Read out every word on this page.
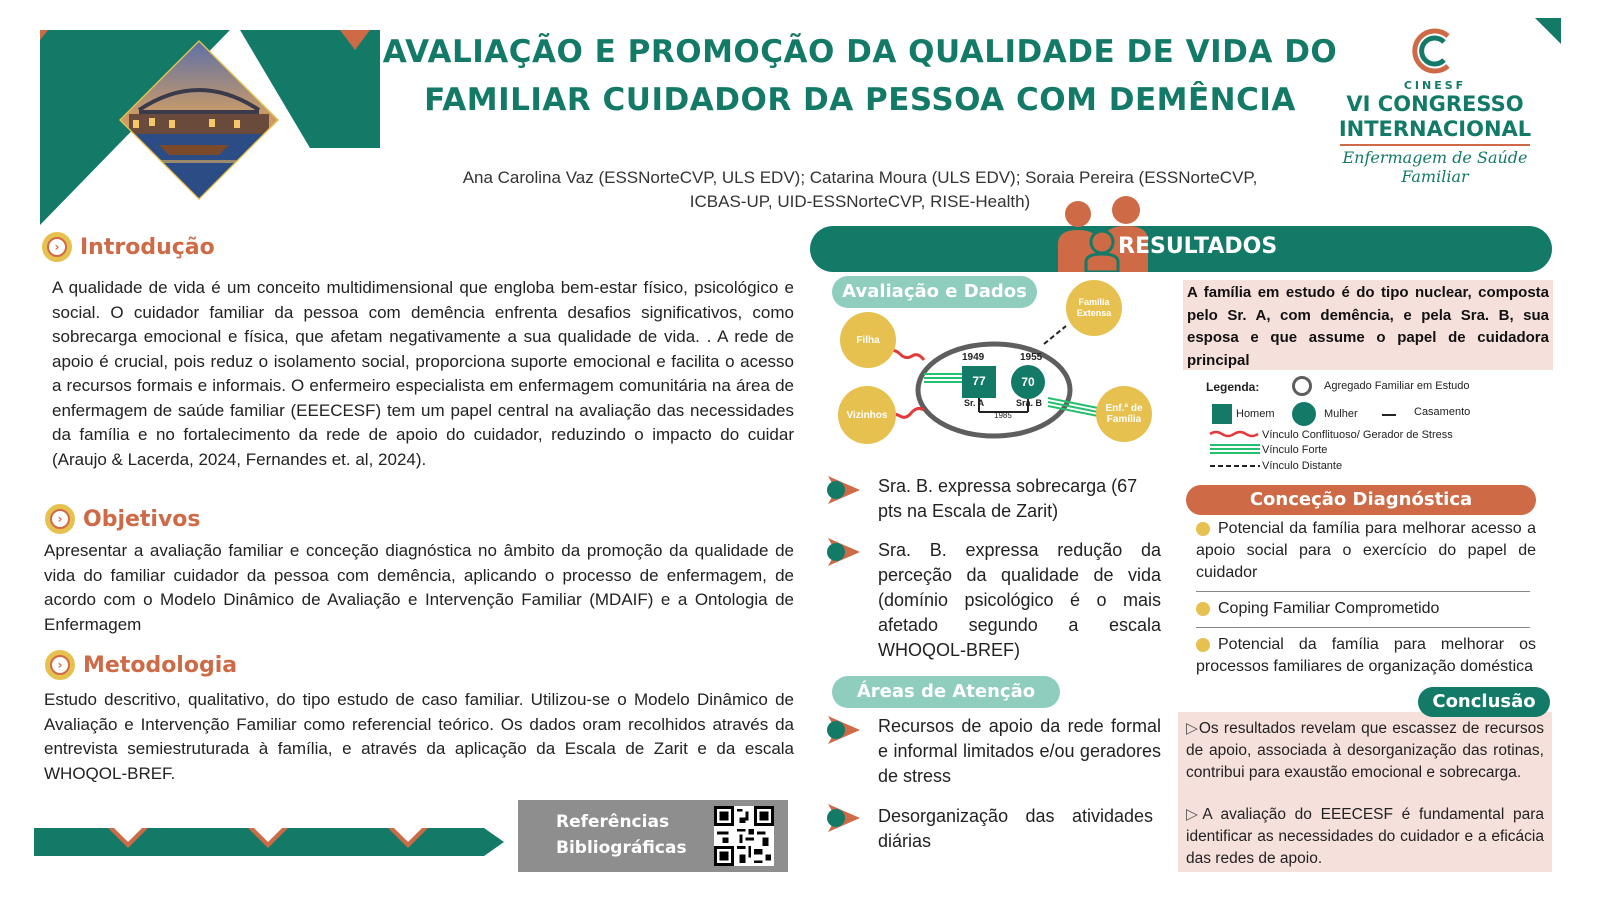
AVALIAÇÃO E PROMOÇÃO DA QUALIDADE DE VIDA DO FAMILIAR CUIDADOR DA PESSOA COM DEMÊNCIA
Ana Carolina Vaz (ESSNorteCVP, ULS EDV); Catarina Moura (ULS EDV); Soraia Pereira (ESSNorteCVP,
ICBAS-UP, UID-ESSNorteCVP, RISE-Health)
CINESF
VI CONGRESSO
INTERNACIONAL
Enfermagem de Saúde Familiar
› Introdução
A qualidade de vida é um conceito multidimensional que engloba bem-estar físico, psicológico e social. O cuidador familiar da pessoa com demência enfrenta desafios significativos, como sobrecarga emocional e física, que afetam negativamente a sua qualidade de vida. . A rede de apoio é crucial, pois reduz o isolamento social, proporciona suporte emocional e facilita o acesso a recursos formais e informais. O enfermeiro especialista em enfermagem comunitária na área de enfermagem de saúde familiar (EEECESF) tem um papel central na avaliação das necessidades da família e no fortalecimento da rede de apoio do cuidador, reduzindo o impacto do cuidar (Araujo & Lacerda, 2024, Fernandes et. al, 2024).
› Objetivos
Apresentar a avaliação familiar e conceção diagnóstica no âmbito da promoção da qualidade de vida do familiar cuidador da pessoa com demência, aplicando o processo de enfermagem, de acordo com o Modelo Dinâmico de Avaliação e Intervenção Familiar (MDAIF) e a Ontologia de Enfermagem
› Metodologia
Estudo descritivo, qualitativo, do tipo estudo de caso familiar. Utilizou-se o Modelo Dinâmico de Avaliação e Intervenção Familiar como referencial teórico. Os dados oram recolhidos através da entrevista semiestruturada à família, e através da aplicação da Escala de Zarit e da escala WHOQOL-BREF.
Referências
Bibliográficas
RESULTADOS
Avaliação e Dados
Filha
Vizinhos
Família Extensa
Enf.ª de Família
1949	1955
77	70
Sr. A	Sra. B
1985
A família em estudo é do tipo nuclear, composta pelo Sr. A, com demência, e pela Sra. B, sua esposa e que assume o papel de cuidadora principal
Legenda:	Agregado Familiar em Estudo
Homem	Mulher	Casamento
Vínculo Conflituoso/ Gerador de Stress
Vínculo Forte
Vínculo Distante
Sra. B. expressa sobrecarga (67 pts na Escala de Zarit)
Sra. B. expressa redução da perceção da qualidade de vida (domínio psicológico é o mais afetado segundo a escala WHOQOL-BREF)
Áreas de Atenção
Recursos de apoio da rede formal e informal limitados e/ou geradores de stress
Desorganização das atividades diárias
Conceção Diagnóstica
Potencial da família para melhorar acesso a apoio social para o exercício do papel de cuidador
Coping Familiar Comprometido
Potencial da família para melhorar os processos familiares de organização doméstica
Conclusão
▷Os resultados revelam que escassez de recursos de apoio, associada à desorganização das rotinas, contribui para exaustão emocional e sobrecarga.
▷A avaliação do EEECESF é fundamental para identificar as necessidades do cuidador e a eficácia das redes de apoio.
